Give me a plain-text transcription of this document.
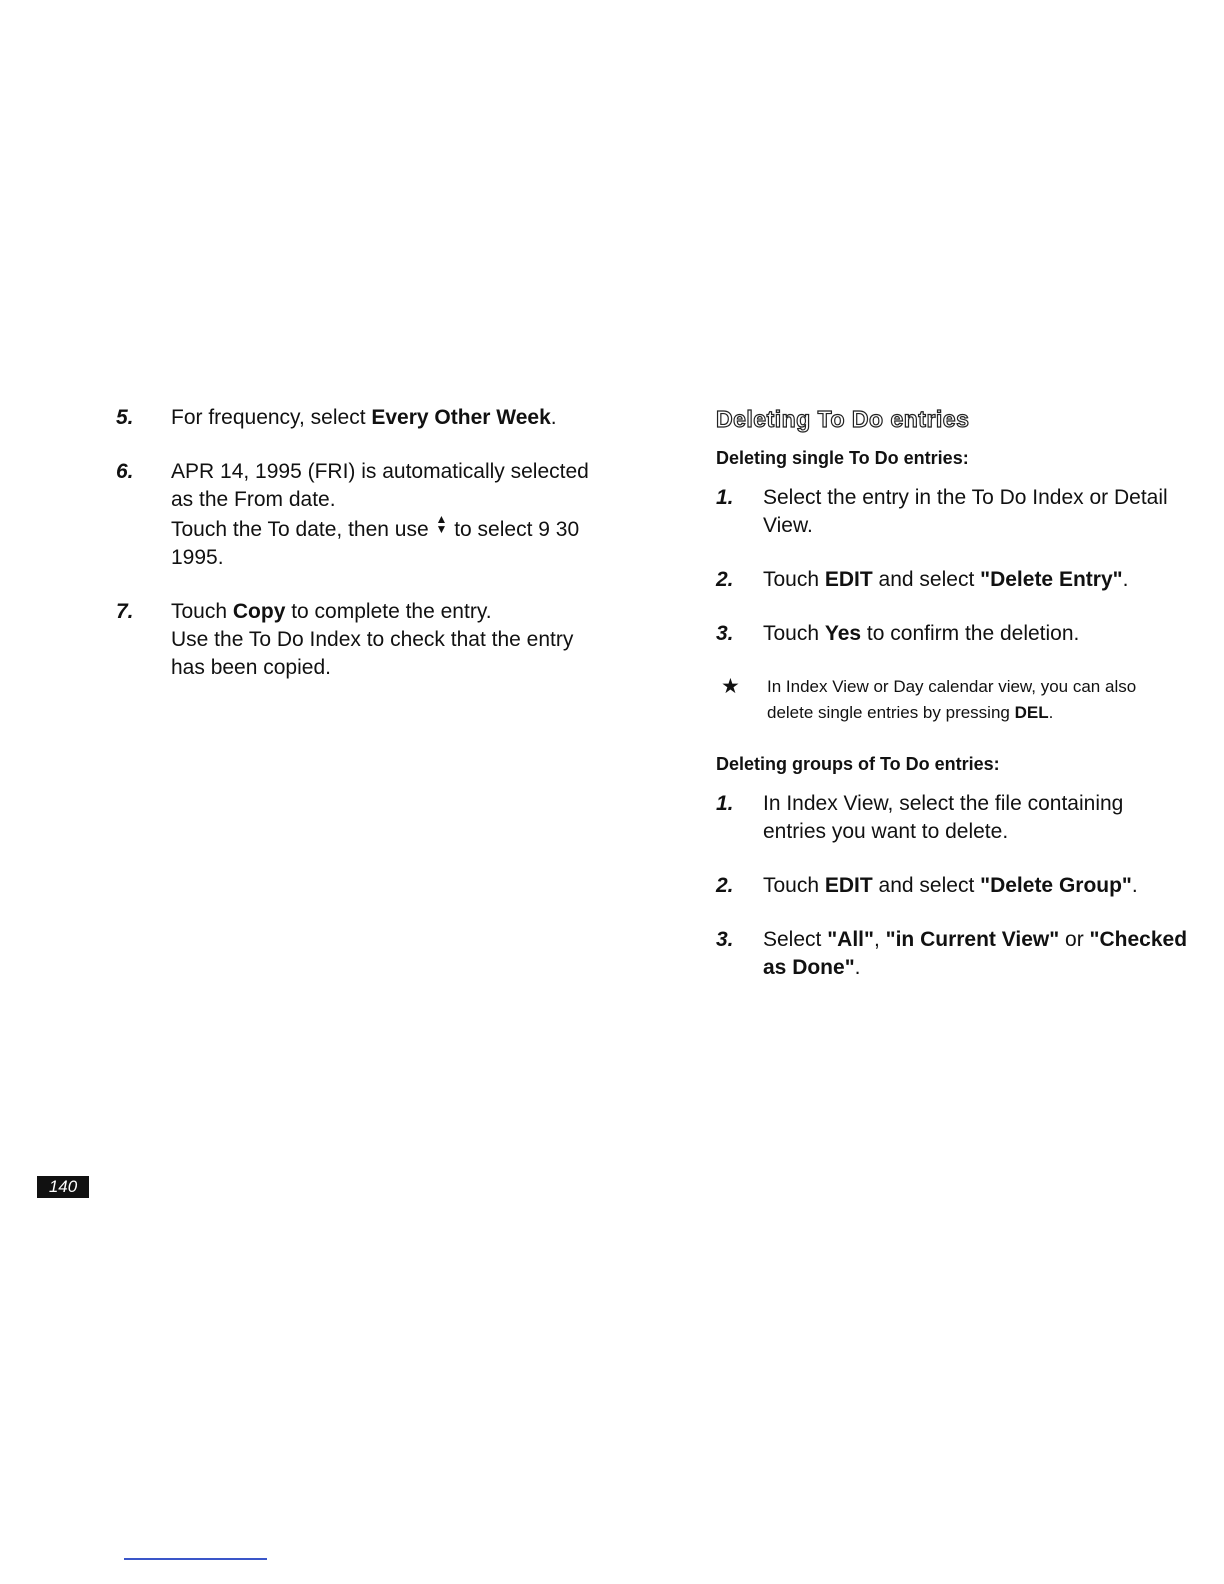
5. For frequency, select Every Other Week.

6. APR 14, 1995 (FRI) is automatically selected

as the From date.

Touch the To date, then use ▲
▼ to select 9 30

1995.

7. Touch Copy to complete the entry.

Use the To Do Index to check that the entry

has been copied.

Deleting To Do entries
Deleting single To Do entries:
1. Select the entry in the To Do Index or Detail

View.

2. Touch EDIT and select "Delete Entry".

3. Touch Yes to confirm the deletion.

★ In Index View or Day calendar view, you can also

delete single entries by pressing DEL.

Deleting groups of To Do entries:
1. In Index View, select the file containing

entries you want to delete.

2. Touch EDIT and select "Delete Group".

3. Select "All", "in Current View" or "Checked

as Done".

140
